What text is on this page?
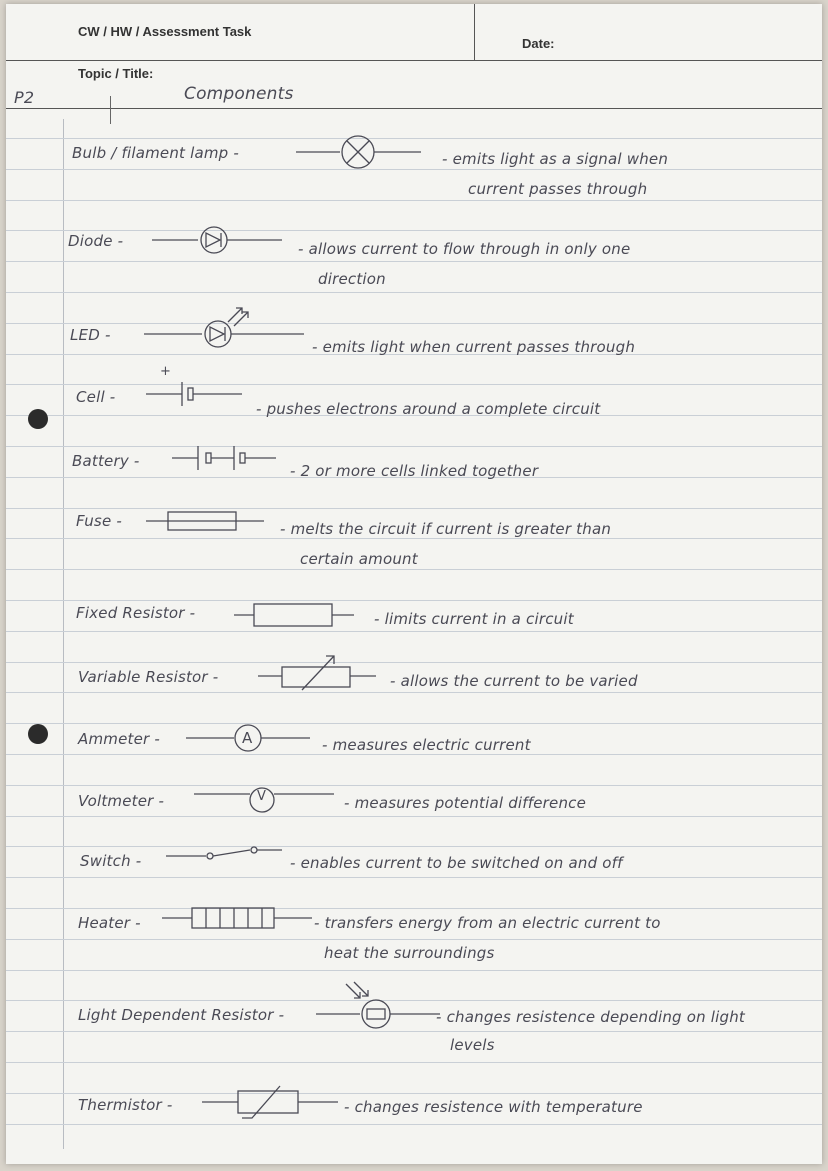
CW / HW / Assessment Task
Date:
Topic / Title:
Components
P2
Bulb / filament lamp -	- emits light as a signal when
current passes through
Diode -	- allows current to flow through in only one
direction
LED -
- emits light when current passes through
Cell -
+
- pushes electrons around a complete circuit
Battery -
- 2 or more cells linked together
Fuse -	- melts the circuit if current is greater than
certain amount
Fixed Resistor -	- limits current in a circuit
Variable Resistor -	- allows the current to be varied
Ammeter -	A	- measures electric current
Voltmeter -	V	- measures potential difference
Switch -	- enables current to be switched on and off
Heater -	- transfers energy from an electric current to
heat the surroundings
Light Dependent Resistor -	- changes resistence depending on light
levels
Thermistor -	- changes resistence with temperature
